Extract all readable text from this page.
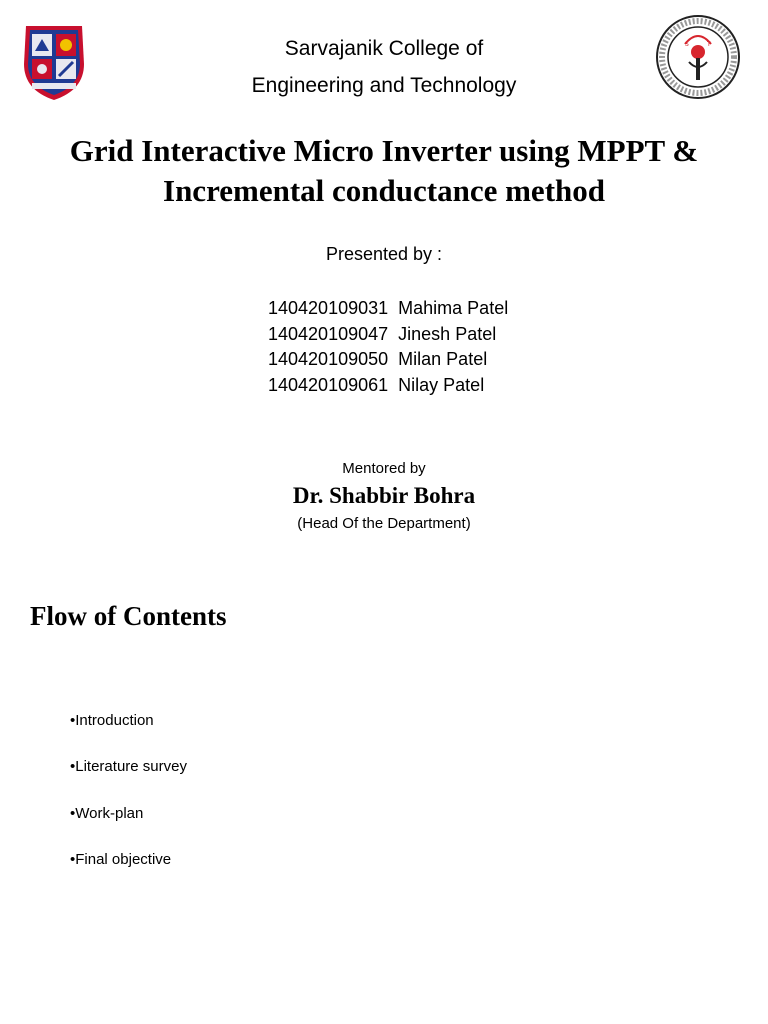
Sarvajanik College of
Engineering and Technology
S	T
Grid Interactive Micro Inverter using MPPT &
Incremental conductance method
Presented by :
140420109031 Mahima Patel
140420109047 Jinesh Patel
140420109050 Milan Patel
140420109061 Nilay Patel
Mentored by
Dr. Shabbir Bohra
(Head Of the Department)
Flow of Contents
•Introduction
•Literature survey
•Work-plan
•Final objective
